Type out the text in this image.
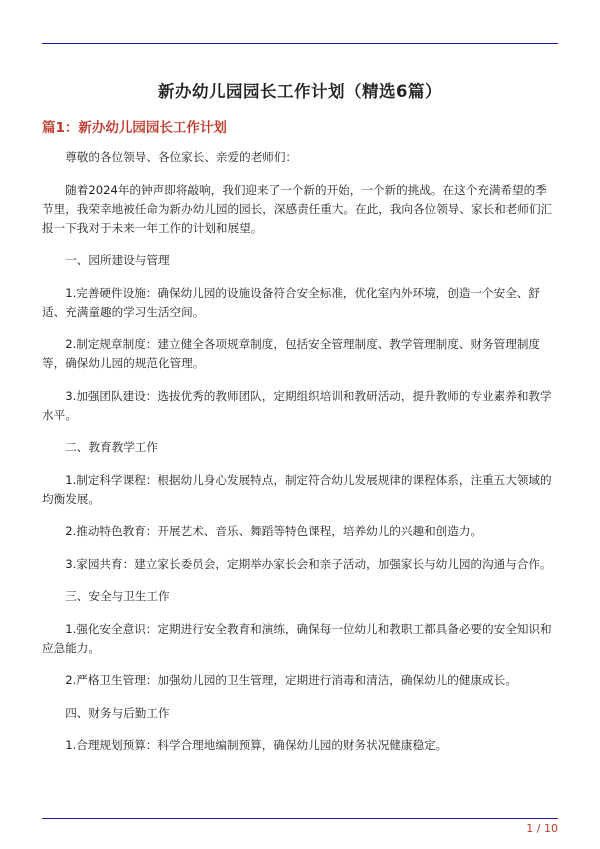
新办幼儿园园长工作计划（精选6篇）
篇1：新办幼儿园园长工作计划

尊敬的各位领导、各位家长、亲爱的老师们：

随着2024年的钟声即将敲响，我们迎来了一个新的开始，一个新的挑战。在这个充满希望的季节里，我荣幸地被任命为新办幼儿园的园长，深感责任重大。在此，我向各位领导、家长和老师们汇报一下我对于未来一年工作的计划和展望。

一、园所建设与管理

1.完善硬件设施：确保幼儿园的设施设备符合安全标准，优化室内外环境，创造一个安全、舒适、充满童趣的学习生活空间。

2.制定规章制度：建立健全各项规章制度，包括安全管理制度、教学管理制度、财务管理制度等，确保幼儿园的规范化管理。

3.加强团队建设：选拔优秀的教师团队，定期组织培训和教研活动，提升教师的专业素养和教学水平。

二、教育教学工作

1.制定科学课程：根据幼儿身心发展特点，制定符合幼儿发展规律的课程体系，注重五大领域的均衡发展。

2.推动特色教育：开展艺术、音乐、舞蹈等特色课程，培养幼儿的兴趣和创造力。

3.家园共育：建立家长委员会，定期举办家长会和亲子活动，加强家长与幼儿园的沟通与合作。

三、安全与卫生工作

1.强化安全意识：定期进行安全教育和演练，确保每一位幼儿和教职工都具备必要的安全知识和应急能力。

2.严格卫生管理：加强幼儿园的卫生管理，定期进行消毒和清洁，确保幼儿的健康成长。

四、财务与后勤工作

1.合理规划预算：科学合理地编制预算，确保幼儿园的财务状况健康稳定。

1 / 10
